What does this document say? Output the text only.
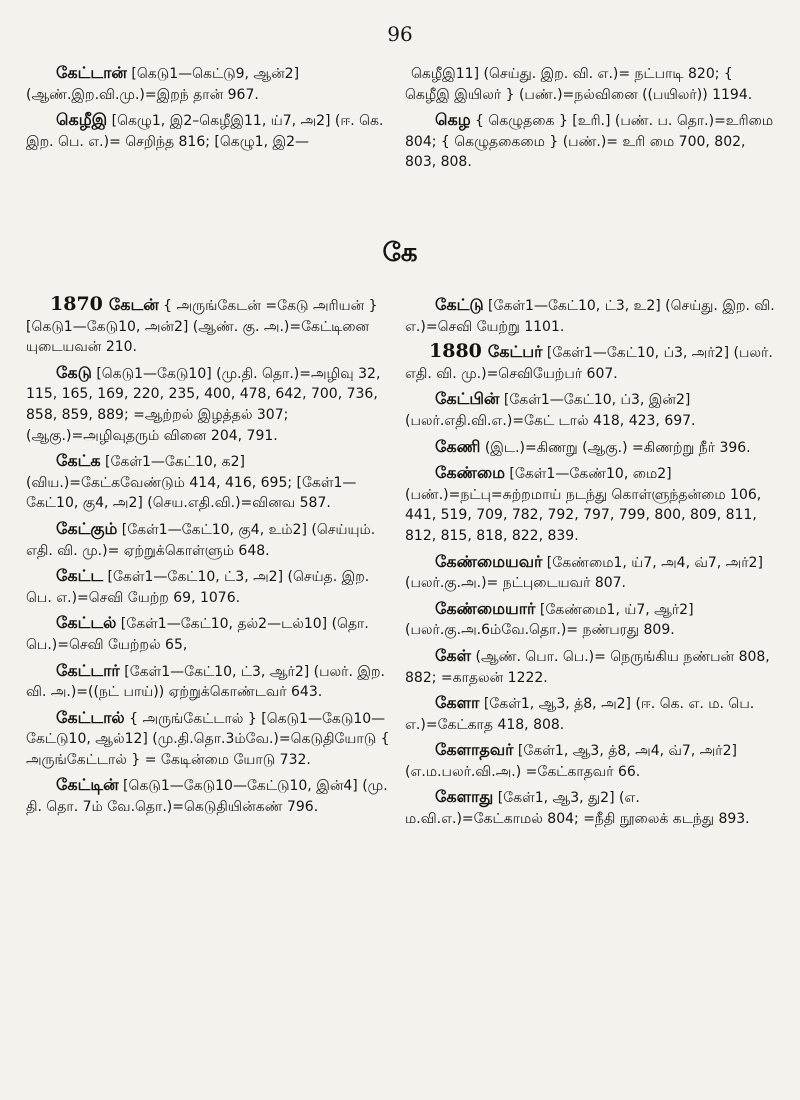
96

கேட்டான் [கெடு1—கெட்டு9, ஆன்2] (ஆண்.இற.வி.மு.)=இறந் தான் 967.

கெழீஇ [கெழு1, இ2–கெழீஇ11, ய்7, அ2] (ஈ. கெ. இற. பெ. எ.)= செறிந்த 816; [கெழு1, இ2—

கெழீஇ11] (செய்து. இற. வி. எ.)= நட்பாடி 820; { கெழீஇ இயிலர் } (பண்.)=நல்வினை ((பயிலர்)) 1194.

கெழ { கெழுதகை } [உரி.] (பண். ப. தொ.)=உரிமை 804; { கெழுதகைமை } (பண்.)= உரி மை 700, 802, 803, 808.

கே

1870 கேடன் { அருங்கேடன் =கேடு அரியன் } [கெடு1—கேடு10, அன்2] (ஆண். கு. அ.)=கேட்டினை யுடையவன் 210.

கேடு [கெடு1—கேடு10] (மு.தி. தொ.)=அழிவு 32, 115, 165, 169, 220, 235, 400, 478, 642, 700, 736, 858, 859, 889; =ஆற்றல் இழத்தல் 307; (ஆகு.)=அழிவுதரும் வினை 204, 791.

கேட்க [கேள்1—கேட்10, க2] (விய.)=கேட்கவேண்டும் 414, 416, 695; [கேள்1—கேட்10, கு4, அ2] (செய.எதி.வி.)=வினவ 587.

கேட்கும் [கேள்1—கேட்10, கு4, உம்2] (செய்யும். எதி. வி. மு.)= ஏற்றுக்கொள்ளும் 648.

கேட்ட [கேள்1—கேட்10, ட்3, அ2] (செய்த. இற. பெ. எ.)=செவி யேற்ற 69, 1076.

கேட்டல் [கேள்1—கேட்10, தல்2—டல்10] (தொ. பெ.)=செவி யேற்றல் 65,

கேட்டார் [கேள்1—கேட்10, ட்3, ஆர்2] (பலர். இற. வி. அ.)=((நட் பாய்)) ஏற்றுக்கொண்டவர் 643.

கேட்டால் { அருங்கேட்டால் } [கெடு1—கேடு10—கேட்டு10, ஆல்12] (மு.தி.தொ.3ம்வே.)=கெடுதியோடு { அருங்கேட்டால் } = கேடின்மை யோடு 732.

கேட்டின் [கெடு1—கேடு10—கேட்டு10, இன்4] (மு. தி. தொ. 7ம் வே.தொ.)=கெடுதியின்கண் 796.

கேட்டு [கேள்1—கேட்10, ட்3, உ2] (செய்து. இற. வி. எ.)=செவி யேற்று 1101.

1880 கேட்பர் [கேள்1—கேட்10, ப்3, அர்2] (பலர். எதி. வி. மு.)=செவியேற்பர் 607.

கேட்பின் [கேள்1—கேட்10, ப்3, இன்2] (பலர்.எதி.வி.எ.)=கேட் டால் 418, 423, 697.

கேணி (இட.)=கிணறு (ஆகு.) =கிணற்று நீர் 396.

கேண்மை [கேள்1—கேண்10, மை2] (பண்.)=நட்பு=சுற்றமாய் நடந்து கொள்ளுந்தன்மை 106, 441, 519, 709, 782, 792, 797, 799, 800, 809, 811, 812, 815, 818, 822, 839.

கேண்மையவர் [கேண்மை1, ய்7, அ4, வ்7, அர்2] (பலர்.கு.அ.)= நட்புடையவர் 807.

கேண்மையார் [கேண்மை1, ய்7, ஆர்2] (பலர்.கு.அ.6ம்வே.தொ.)= நண்பரது 809.

கேள் (ஆண். பொ. பெ.)= நெருங்கிய நண்பன் 808, 882; =காதலன் 1222.

கேளா [கேள்1, ஆ3, த்8, அ2] (ஈ. கெ. எ. ம. பெ. எ.)=கேட்காத 418, 808.

கேளாதவர் [கேள்1, ஆ3, த்8, அ4, வ்7, அர்2] (எ.ம.பலர்.வி.அ.) =கேட்காதவர் 66.

கேளாது [கேள்1, ஆ3, து2] (எ. ம.வி.எ.)=கேட்காமல் 804; =நீதி நூலைக் கடந்து 893.
